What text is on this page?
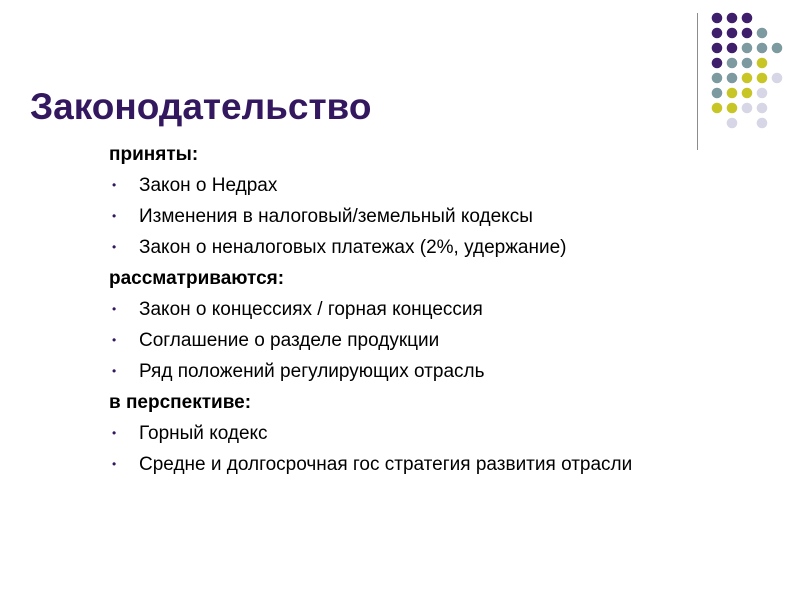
Законодательство
приняты:
• Закон о Недрах
• Изменения в налоговый/земельный кодексы
• Закон о неналоговых платежах (2%, удержание)
рассматриваются:
• Закон о концессиях / горная концессия
• Соглашение о разделе продукции
• Ряд положений регулирующих отрасль
в перспективе:
• Горный кодекс
• Средне и долгосрочная гос стратегия развития отрасли
